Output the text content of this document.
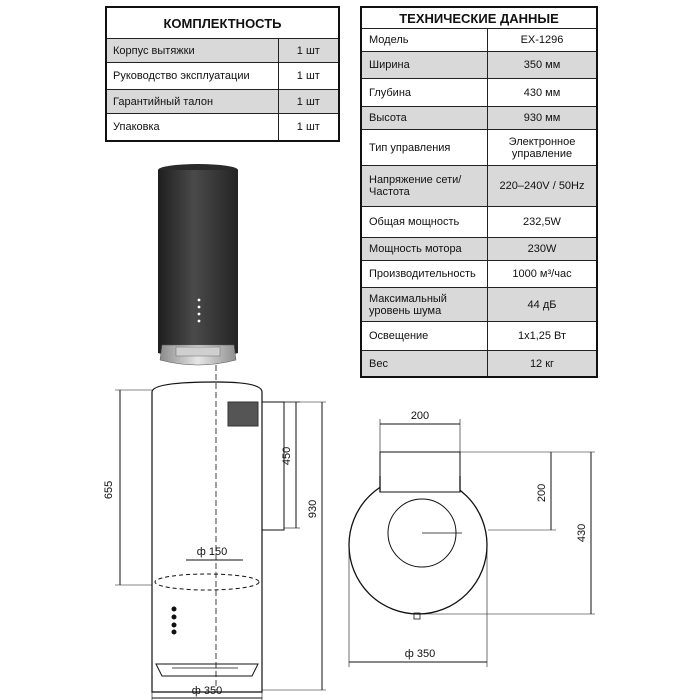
КОМПЛЕКТНОСТЬ	
Корпус вытяжки	1 шт
Руководство эксплуатации	1 шт
Гарантийный талон	1 шт
Упаковка	1 шт
ТЕХНИЧЕСКИЕ ДАННЫЕ	
Модель	EX-1296
Ширина	350 мм
Глубина	430 мм
Высота	930 мм
Тип управления	Электронное управление
Напряжение сети/ Частота	220–240V / 50Hz
Общая мощность	232,5W
Мощность мотора	230W
Производительность	1000 м³/час
Максимальный уровень шума	44 дБ
Освещение	1х1,25 Вт
Вес	12 кг
655
450
930
ф 150
ф 350
200
200
430
ф 350
